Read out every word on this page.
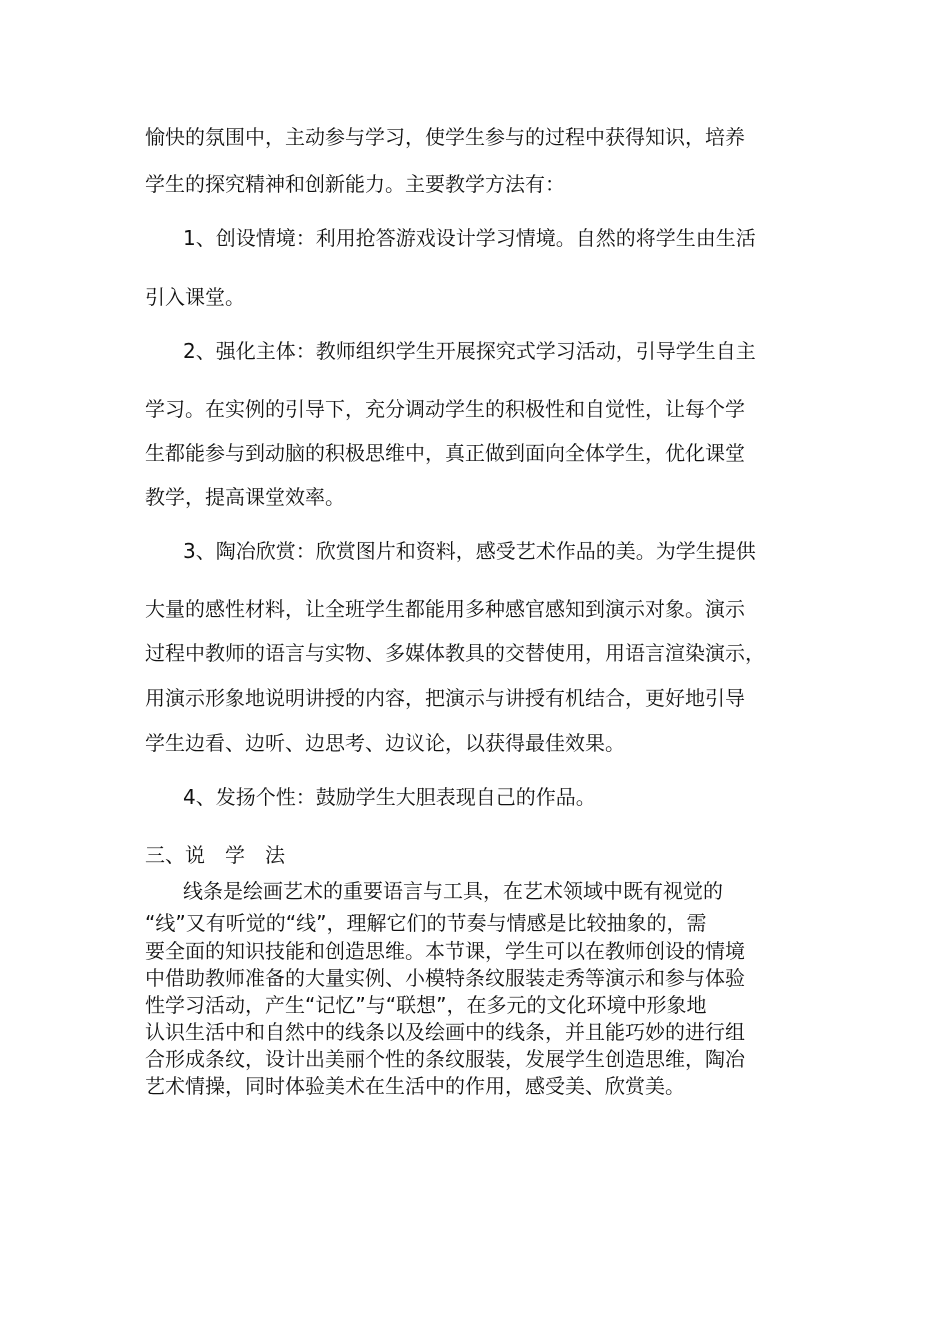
愉快的氛围中，主动参与学习，使学生参与的过程中获得知识，培养
学生的探究精神和创新能力。主要教学方法有：
1、创设情境：利用抢答游戏设计学习情境。自然的将学生由生活
引入课堂。
2、强化主体：教师组织学生开展探究式学习活动，引导学生自主
学习。在实例的引导下，充分调动学生的积极性和自觉性，让每个学
生都能参与到动脑的积极思维中，真正做到面向全体学生，优化课堂
教学，提高课堂效率。
3、陶冶欣赏：欣赏图片和资料，感受艺术作品的美。为学生提供
大量的感性材料，让全班学生都能用多种感官感知到演示对象。演示
过程中教师的语言与实物、多媒体教具的交替使用，用语言渲染演示，
用演示形象地说明讲授的内容，把演示与讲授有机结合，更好地引导
学生边看、边听、边思考、边议论，以获得最佳效果。
4、发扬个性：鼓励学生大胆表现自己的作品。
三、说　学　法
线条是绘画艺术的重要语言与工具，在艺术领域中既有视觉的
“线”又有听觉的“线”，理解它们的节奏与情感是比较抽象的，需
要全面的知识技能和创造思维。本节课，学生可以在教师创设的情境
中借助教师准备的大量实例、小模特条纹服装走秀等演示和参与体验
性学习活动，产生“记忆”与“联想”，在多元的文化环境中形象地
认识生活中和自然中的线条以及绘画中的线条，并且能巧妙的进行组
合形成条纹，设计出美丽个性的条纹服装，发展学生创造思维，陶冶
艺术情操，同时体验美术在生活中的作用，感受美、欣赏美。
